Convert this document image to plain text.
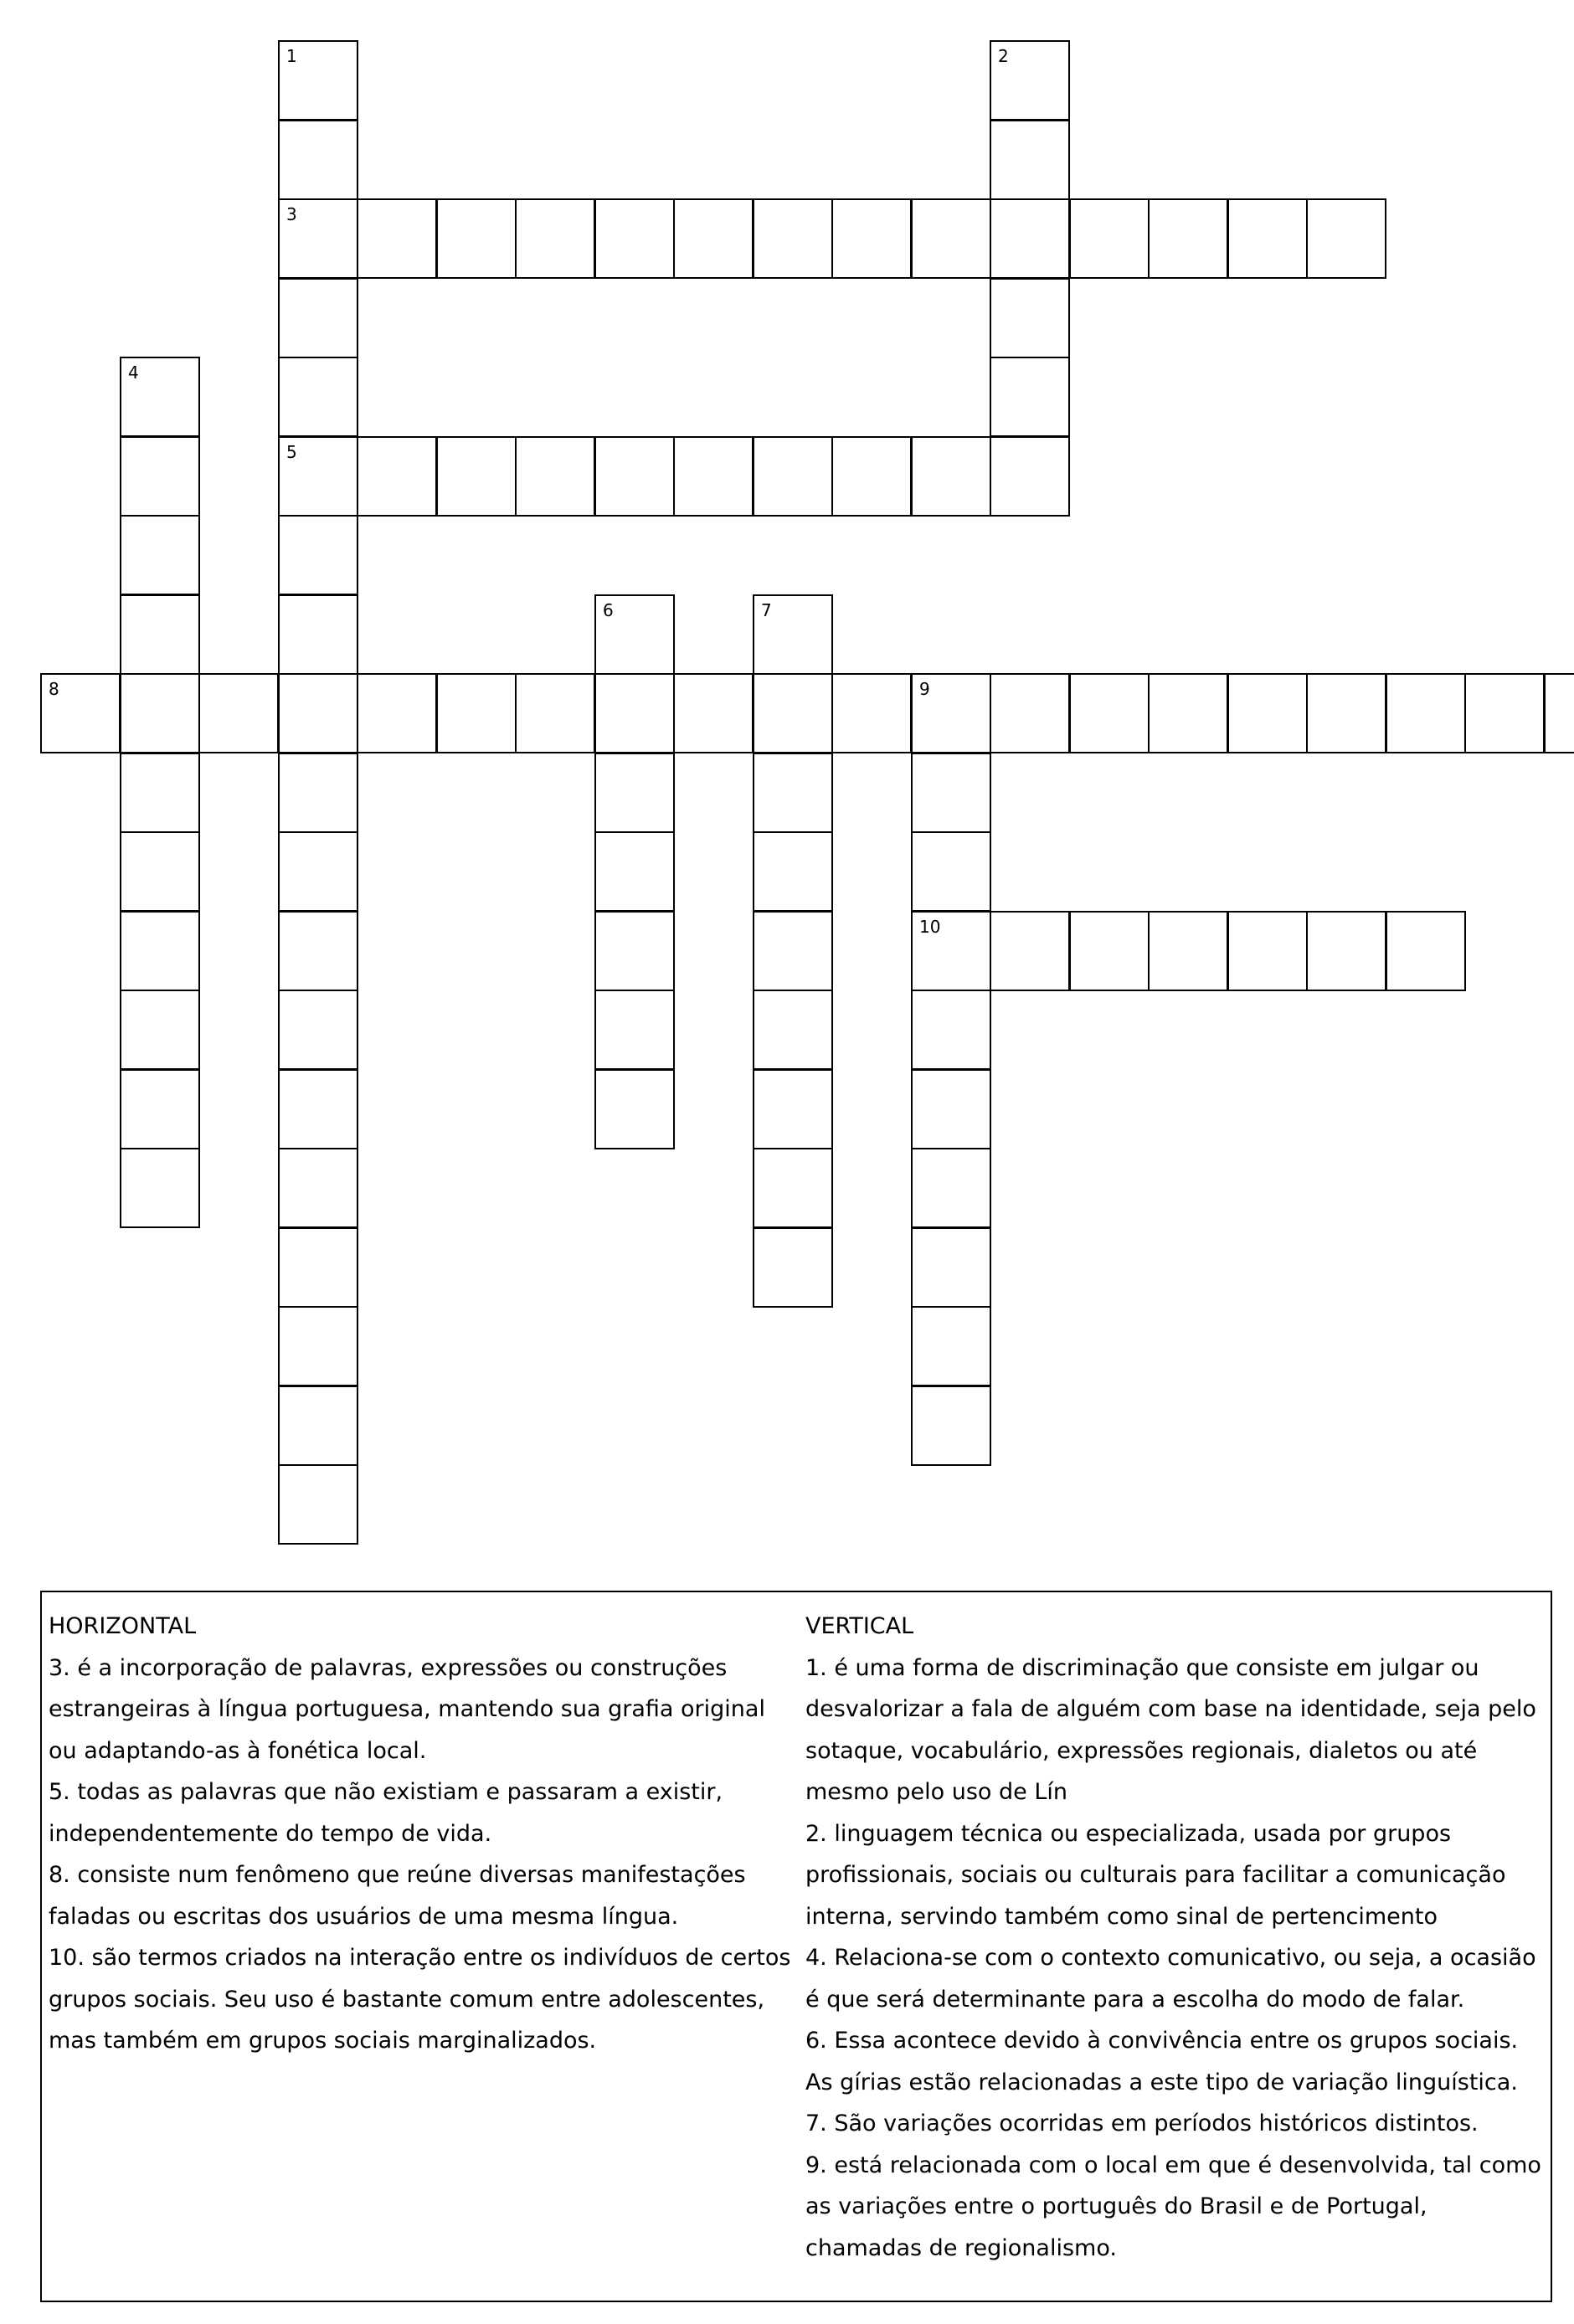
1
3
5
2
4
6	7
8	9
10

HORIZONTAL

3. é a incorporação de palavras, expressões ou construções estrangeiras à língua portuguesa, mantendo sua grafia original ou adaptando-as à fonética local.

5. todas as palavras que não existiam e passaram a existir, independentemente do tempo de vida.

8. consiste num fenômeno que reúne diversas manifestações faladas ou escritas dos usuários de uma mesma língua.

10. são termos criados na interação entre os indivíduos de certos grupos sociais. Seu uso é bastante comum entre adolescentes, mas também em grupos sociais marginalizados.

VERTICAL

1. é uma forma de discriminação que consiste em julgar ou desvalorizar a fala de alguém com base na identidade, seja pelo sotaque, vocabulário, expressões regionais, dialetos ou até mesmo pelo uso de Lín

2. linguagem técnica ou especializada, usada por grupos profissionais, sociais ou culturais para facilitar a comunicação interna, servindo também como sinal de pertencimento

4. Relaciona-se com o contexto comunicativo, ou seja, a ocasião é que será determinante para a escolha do modo de falar.

6. Essa acontece devido à convivência entre os grupos sociais. As gírias estão relacionadas a este tipo de variação linguística.

7. São variações ocorridas em períodos históricos distintos.

9. está relacionada com o local em que é desenvolvida, tal como as variações entre o português do Brasil e de Portugal, chamadas de regionalismo.
